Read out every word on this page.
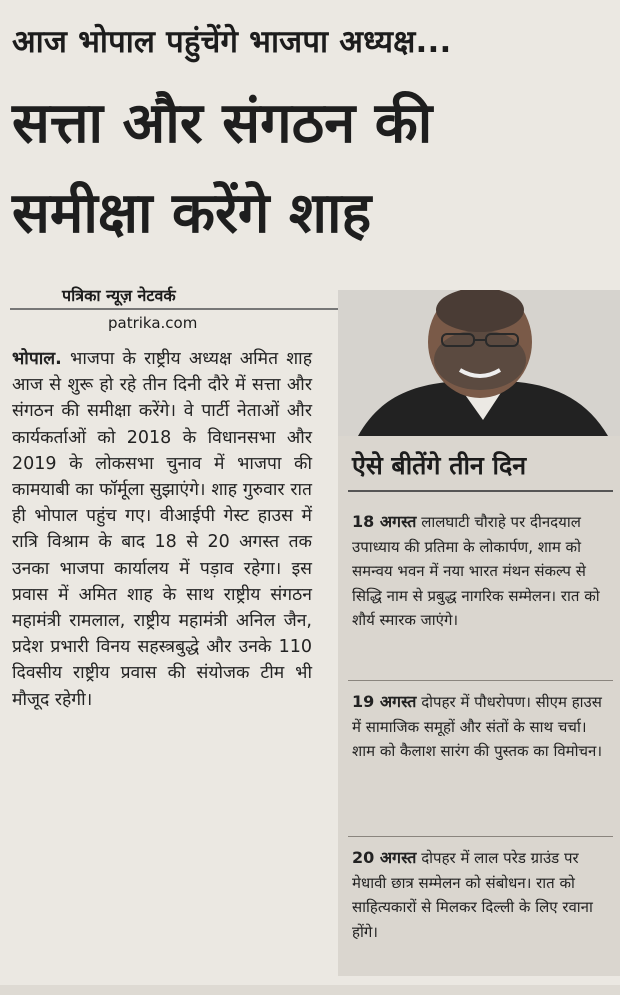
आज भोपाल पहुंचेंगे भाजपा अध्यक्ष...
सत्ता और संगठन की
समीक्षा करेंगे शाह
पत्रिका न्यूज़ नेटवर्क
patrika.com
भोपाल. भाजपा के राष्ट्रीय अध्यक्ष अमित शाह आज से शुरू हो रहे तीन दिनी दौरे में सत्ता और संगठन की समीक्षा करेंगे। वे पार्टी नेताओं और कार्यकर्ताओं को 2018 के विधानसभा और 2019 के लोकसभा चुनाव में भाजपा की कामयाबी का फॉर्मूला सुझाएंगे। शाह गुरुवार रात ही भोपाल पहुंच गए। वीआईपी गेस्ट हाउस में रात्रि विश्राम के बाद 18 से 20 अगस्त तक उनका भाजपा कार्यालय में पड़ाव रहेगा। इस प्रवास में अमित शाह के साथ राष्ट्रीय संगठन महामंत्री रामलाल, राष्ट्रीय महामंत्री अनिल जैन, प्रदेश प्रभारी विनय सहस्त्रबुद्धे और उनके 110 दिवसीय राष्ट्रीय प्रवास की संयोजक टीम भी मौजूद रहेगी।
ऐसे बीतेंगे तीन दिन
18 अगस्त लालघाटी चौराहे पर दीनदयाल उपाध्याय की प्रतिमा के लोकार्पण, शाम को समन्वय भवन में नया भारत मंथन संकल्प से सिद्धि नाम से प्रबुद्ध नागरिक सम्मेलन। रात को शौर्य स्मारक जाएंगे।
19 अगस्त दोपहर में पौधरोपण। सीएम हाउस में सामाजिक समूहों और संतों के साथ चर्चा। शाम को कैलाश सारंग की पुस्तक का विमोचन।
20 अगस्त दोपहर में लाल परेड ग्राउंड पर मेधावी छात्र सम्मेलन को संबोधन। रात को साहित्यकारों से मिलकर दिल्ली के लिए रवाना होंगे।
